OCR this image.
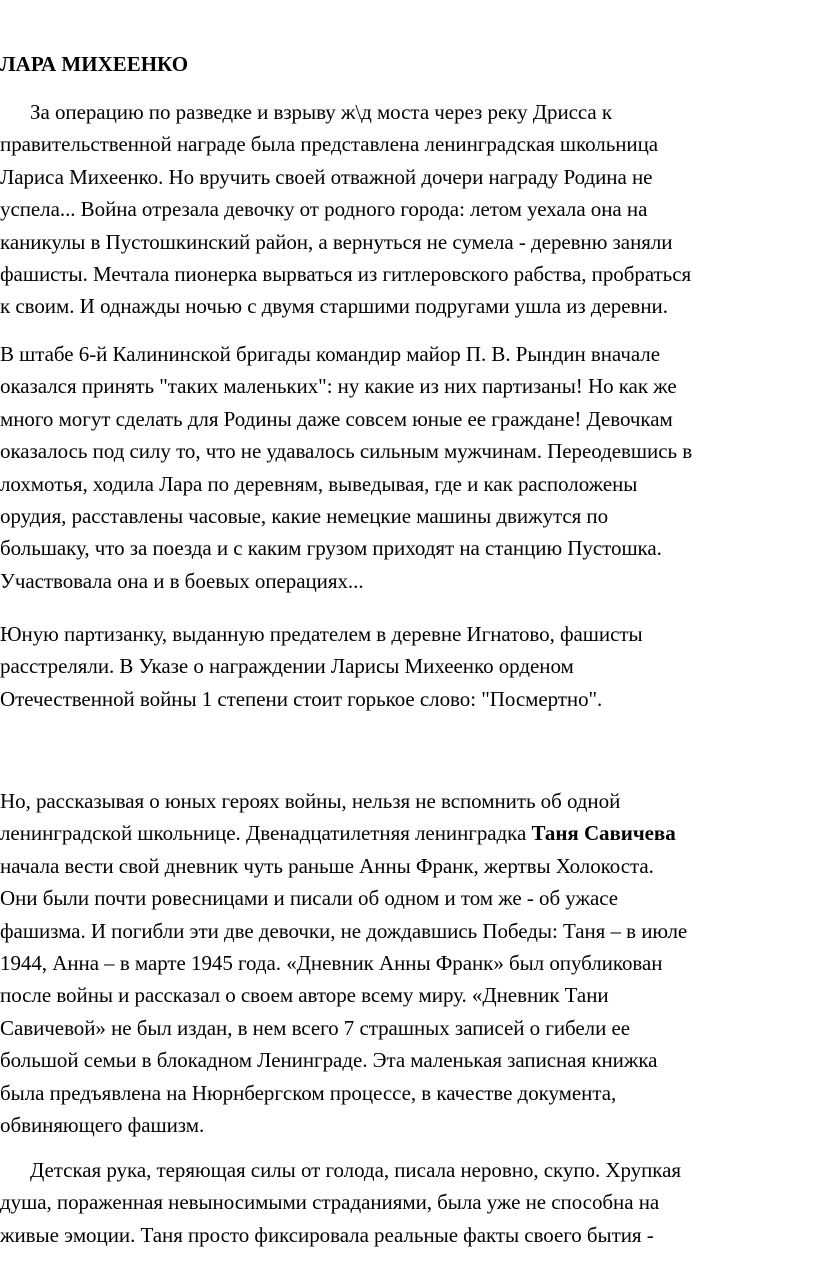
ЛАРА МИХЕЕНКО

За операцию по разведке и взрыву ж\д моста через реку Дрисса к
правительственной награде была представлена ленинградская школьница
Лариса Михеенко. Но вручить своей отважной дочери награду Родина не
успела... Война отрезала девочку от родного города: летом уехала она на
каникулы в Пустошкинский район, а вернуться не сумела - деревню заняли
фашисты. Мечтала пионерка вырваться из гитлеровского рабства, пробраться
к своим. И однажды ночью с двумя старшими подругами ушла из деревни.

В штабе 6-й Калининской бригады командир майор П. В. Рындин вначале
оказался принять "таких маленьких": ну какие из них партизаны! Но как же
много могут сделать для Родины даже совсем юные ее граждане! Девочкам
оказалось под силу то, что не удавалось сильным мужчинам. Переодевшись в
лохмотья, ходила Лара по деревням, выведывая, где и как расположены
орудия, расставлены часовые, какие немецкие машины движутся по
большаку, что за поезда и с каким грузом приходят на станцию Пустошка.
Участвовала она и в боевых операциях...

Юную партизанку, выданную предателем в деревне Игнатово, фашисты
расстреляли. В Указе о награждении Ларисы Михеенко орденом
Отечественной войны 1 степени стоит горькое слово: "Посмертно".

Но, рассказывая о юных героях войны, нельзя не вспомнить об одной
ленинградской школьнице. Двенадцатилетняя ленинградка Таня Савичева
начала вести свой дневник чуть раньше Анны Франк, жертвы Холокоста.
Они были почти ровесницами и писали об одном и том же - об ужасе
фашизма. И погибли эти две девочки, не дождавшись Победы: Таня – в июле
1944, Анна – в марте 1945 года. «Дневник Анны Франк» был опубликован
после войны и рассказал о своем авторе всему миру. «Дневник Тани
Савичевой» не был издан, в нем всего 7 страшных записей о гибели ее
большой семьи в блокадном Ленинграде. Эта маленькая записная книжка
была предъявлена на Нюрнбергском процессе, в качестве документа,
обвиняющего фашизм.

Детская рука, теряющая силы от голода, писала неровно, скупо. Хрупкая
душа, пораженная невыносимыми страданиями, была уже не способна на
живые эмоции. Таня просто фиксировала реальные факты своего бытия -
